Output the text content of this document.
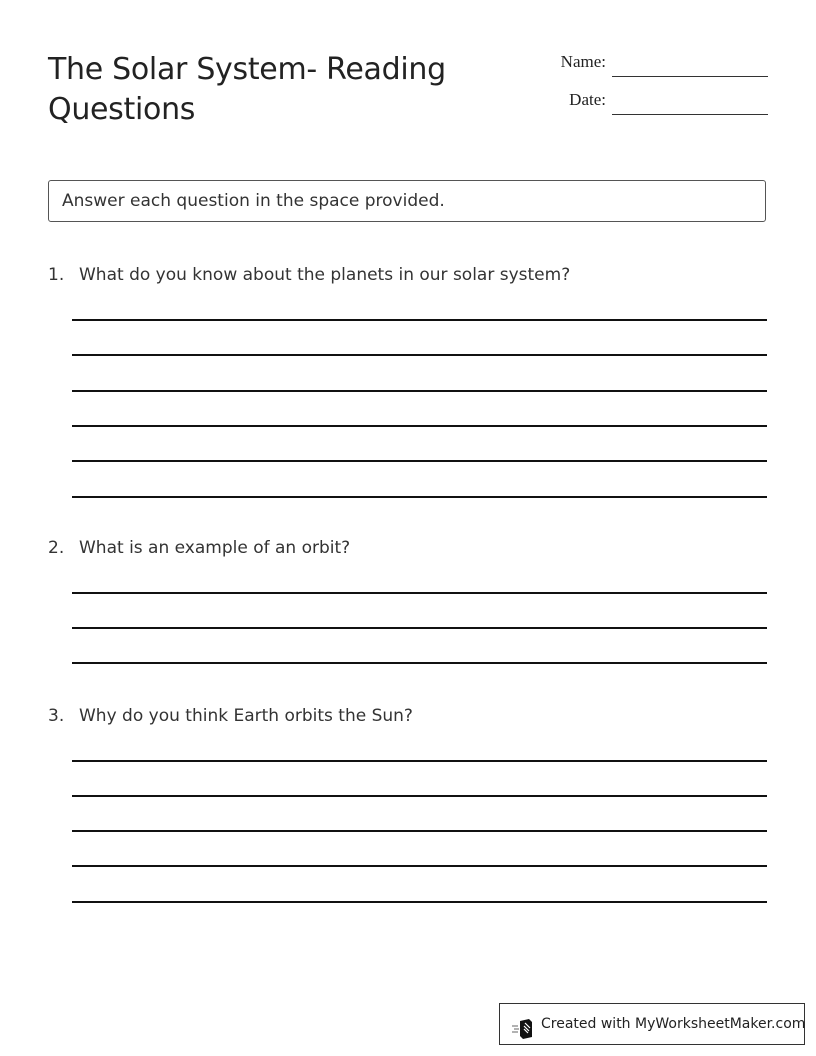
The Solar System- Reading Questions
Name:
Date:
Answer each question in the space provided.
1. What do you know about the planets in our solar system?
2. What is an example of an orbit?
3. Why do you think Earth orbits the Sun?
Created with MyWorksheetMaker.com
